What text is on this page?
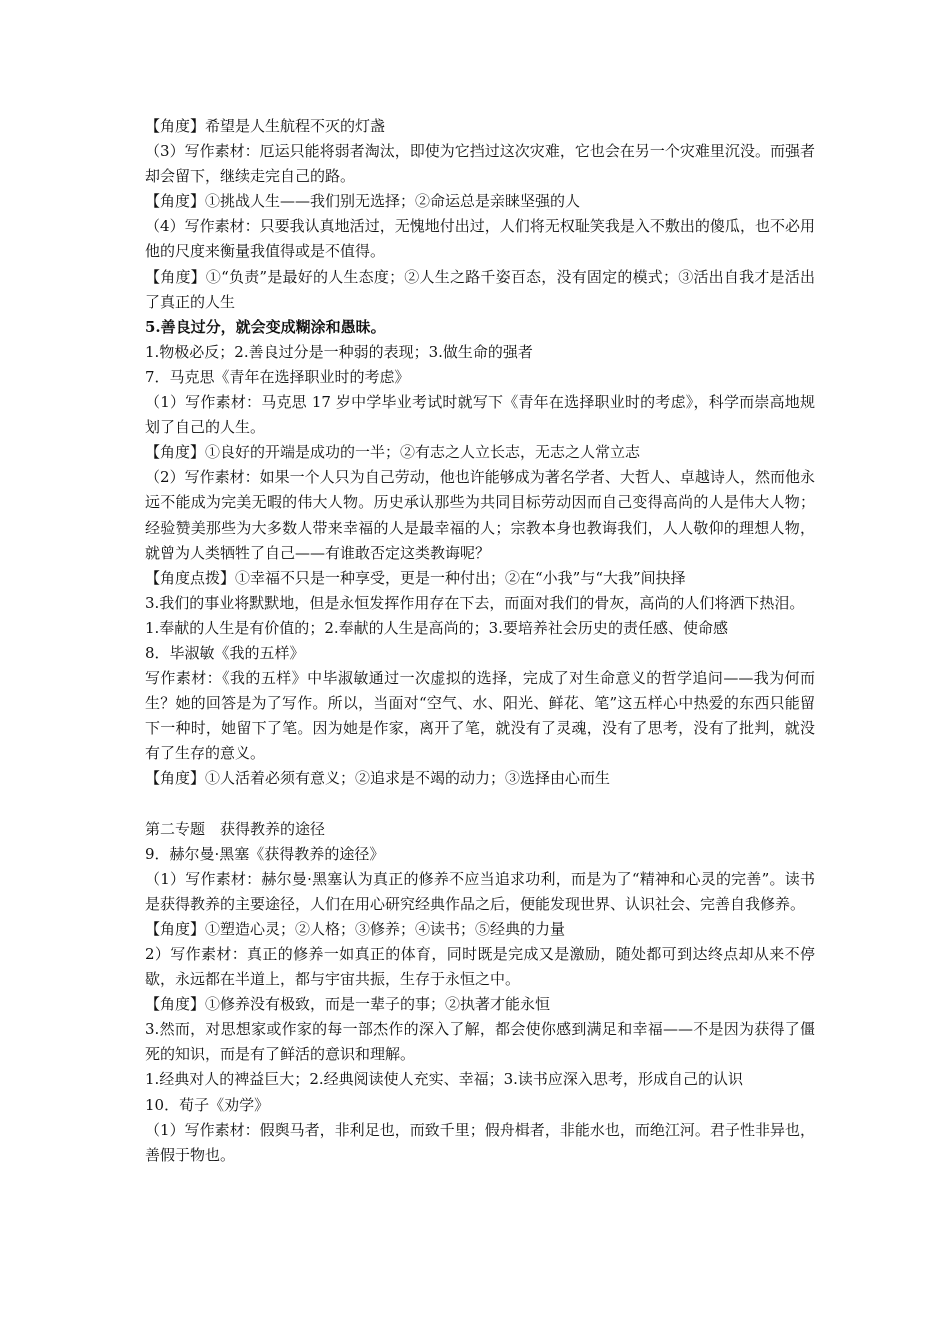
【角度】希望是人生航程不灭的灯盏
（3）写作素材：厄运只能将弱者淘汰，即使为它挡过这次灾难，它也会在另一个灾难里沉没。而强者却会留下，继续走完自己的路。
【角度】①挑战人生——我们别无选择；②命运总是亲睐坚强的人
（4）写作素材：只要我认真地活过，无愧地付出过，人们将无权耻笑我是入不敷出的傻瓜，也不必用他的尺度来衡量我值得或是不值得。
【角度】①“负责”是最好的人生态度；②人生之路千姿百态，没有固定的模式；③活出自我才是活出了真正的人生
5.善良过分，就会变成糊涂和愚昧。
1.物极必反；2.善良过分是一种弱的表现；3.做生命的强者
7．马克思《青年在选择职业时的考虑》
（1）写作素材：马克思 17 岁中学毕业考试时就写下《青年在选择职业时的考虑》，科学而崇高地规划了自己的人生。
【角度】①良好的开端是成功的一半；②有志之人立长志，无志之人常立志
（2）写作素材：如果一个人只为自己劳动，他也许能够成为著名学者、大哲人、卓越诗人，然而他永远不能成为完美无暇的伟大人物。历史承认那些为共同目标劳动因而自己变得高尚的人是伟大人物；经验赞美那些为大多数人带来幸福的人是最幸福的人；宗教本身也教诲我们，人人敬仰的理想人物，就曾为人类牺牲了自己——有谁敢否定这类教诲呢？
【角度点拨】①幸福不只是一种享受，更是一种付出；②在“小我”与“大我”间抉择
3.我们的事业将默默地，但是永恒发挥作用存在下去，而面对我们的骨灰，高尚的人们将洒下热泪。
1.奉献的人生是有价值的；2.奉献的人生是高尚的；3.要培养社会历史的责任感、使命感
8．毕淑敏《我的五样》
写作素材：《我的五样》中毕淑敏通过一次虚拟的选择，完成了对生命意义的哲学追问——我为何而生？她的回答是为了写作。所以，当面对“空气、水、阳光、鲜花、笔”这五样心中热爱的东西只能留下一种时，她留下了笔。因为她是作家，离开了笔，就没有了灵魂，没有了思考，没有了批判，就没有了生存的意义。
【角度】①人活着必须有意义；②追求是不竭的动力；③选择由心而生
第二专题　获得教养的途径
9．赫尔曼·黑塞《获得教养的途径》
（1）写作素材：赫尔曼·黑塞认为真正的修养不应当追求功利，而是为了“精神和心灵的完善”。读书是获得教养的主要途径，人们在用心研究经典作品之后，便能发现世界、认识社会、完善自我修养。
【角度】①塑造心灵；②人格；③修养；④读书；⑤经典的力量
2）写作素材：真正的修养一如真正的体育，同时既是完成又是激励，随处都可到达终点却从来不停歇，永远都在半道上，都与宇宙共振，生存于永恒之中。
【角度】①修养没有极致，而是一辈子的事；②执著才能永恒
3.然而，对思想家或作家的每一部杰作的深入了解，都会使你感到满足和幸福——不是因为获得了僵死的知识，而是有了鲜活的意识和理解。
1.经典对人的裨益巨大；2.经典阅读使人充实、幸福；3.读书应深入思考，形成自己的认识
10．荀子《劝学》
（1）写作素材：假舆马者，非利足也，而致千里；假舟楫者，非能水也，而绝江河。君子性非异也，善假于物也。
